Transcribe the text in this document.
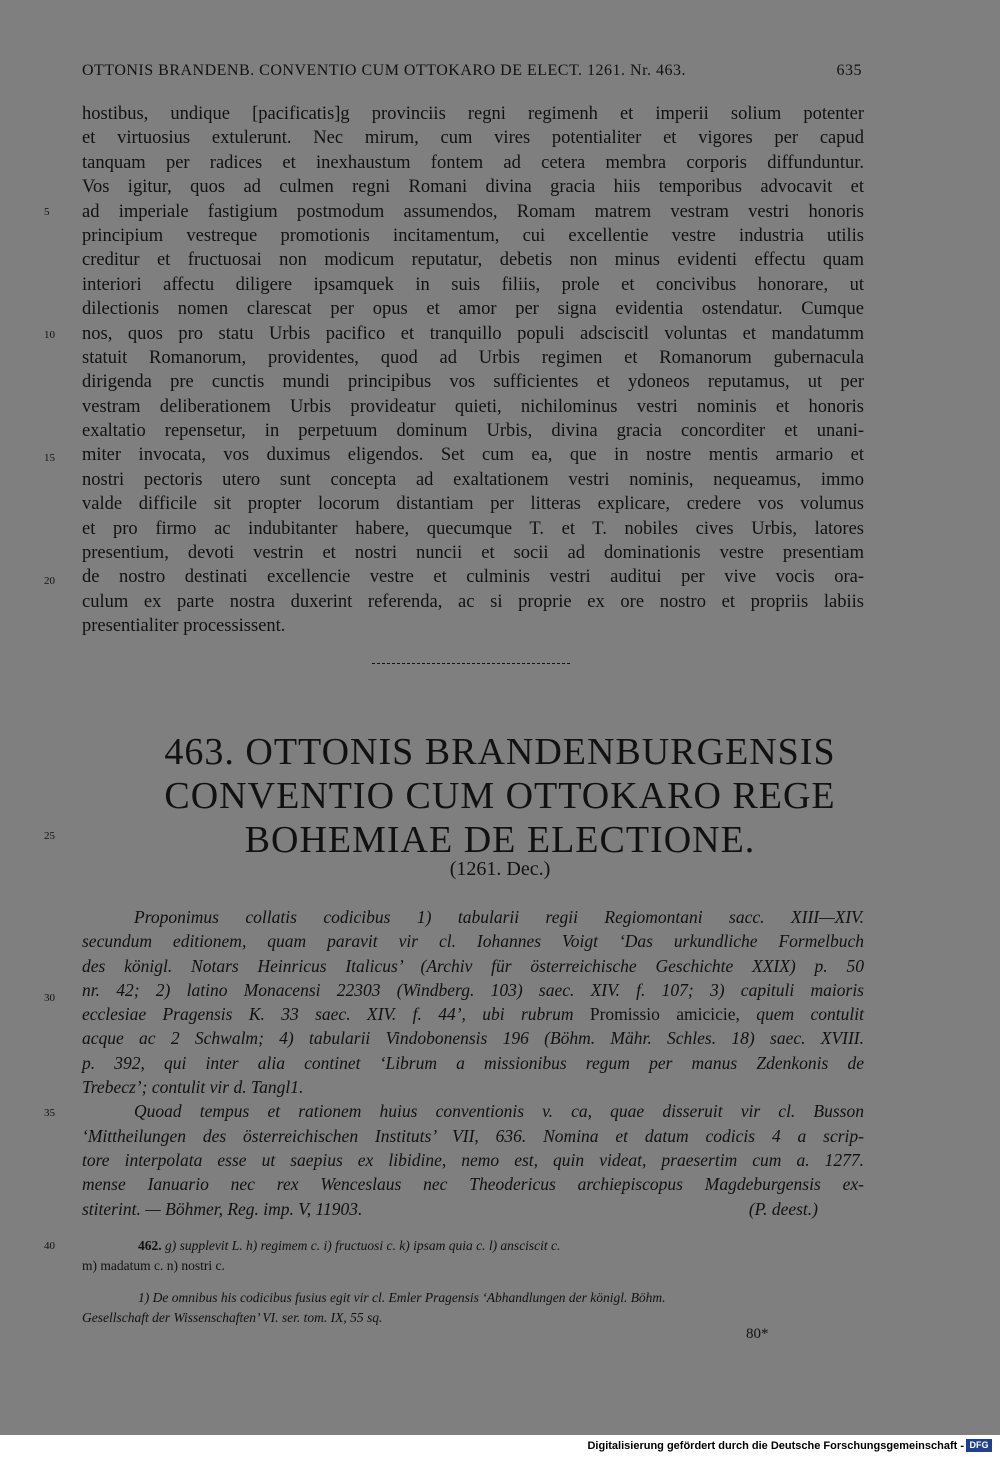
OTTONIS BRANDENB. CONVENTIO CUM OTTOKARO DE ELECT. 1261. Nr. 463.	635
hostibus, undique [pacificatis]g provinciis regni regimenh et imperii solium potenter
et virtuosius extulerunt. Nec mirum, cum vires potentialiter et vigores per capud
tanquam per radices et inexhaustum fontem ad cetera membra corporis diffunduntur.
Vos igitur, quos ad culmen regni Romani divina gracia hiis temporibus advocavit et
ad imperiale fastigium postmodum assumendos, Romam matrem vestram vestri honoris
principium vestreque promotionis incitamentum, cui excellentie vestre industria utilis
creditur et fructuosai non modicum reputatur, debetis non minus evidenti effectu quam
interiori affectu diligere ipsamquek in suis filiis, prole et concivibus honorare, ut
dilectionis nomen clarescat per opus et amor per signa evidentia ostendatur. Cumque
nos, quos pro statu Urbis pacifico et tranquillo populi adsciscitl voluntas et mandatumm
statuit Romanorum, providentes, quod ad Urbis regimen et Romanorum gubernacula
dirigenda pre cunctis mundi principibus vos sufficientes et ydoneos reputamus, ut per
vestram deliberationem Urbis provideatur quieti, nichilominus vestri nominis et honoris
exaltatio repensetur, in perpetuum dominum Urbis, divina gracia concorditer et unani-
miter invocata, vos duximus eligendos. Set cum ea, que in nostre mentis armario et
nostri pectoris utero sunt concepta ad exaltationem vestri nominis, nequeamus, immo
valde difficile sit propter locorum distantiam per litteras explicare, credere vos volumus
et pro firmo ac indubitanter habere, quecumque T. et T. nobiles cives Urbis, latores
presentium, devoti vestrin et nostri nuncii et socii ad dominationis vestre presentiam
de nostro destinati excellencie vestre et culminis vestri auditui per vive vocis ora-
culum ex parte nostra duxerint referenda, ac si proprie ex ore nostro et propriis labiis
presentialiter processissent.
5
10
15
20
463. OTTONIS BRANDENBURGENSIS
CONVENTIO CUM OTTOKARO REGE
BOHEMIAE DE ELECTIONE.
25
(1261. Dec.)
Proponimus collatis codicibus 1) tabularii regii Regiomontani sacc. XIII—XIV.
secundum editionem, quam paravit vir cl. Iohannes Voigt ‘Das urkundliche Formelbuch
des königl. Notars Heinricus Italicus’ (Archiv für österreichische Geschichte XXIX) p. 50
nr. 42; 2) latino Monacensi 22303 (Windberg. 103) saec. XIV. f. 107; 3) capituli maioris
ecclesiae Pragensis K. 33 saec. XIV. f. 44’, ubi rubrum Promissio amicicie, quem contulit
acque ac 2 Schwalm; 4) tabularii Vindobonensis 196 (Böhm. Mähr. Schles. 18) saec. XVIII.
p. 392, qui inter alia continet ‘Librum a missionibus regum per manus Zdenkonis de
Trebecz’; contulit vir d. Tangl1.
Quoad tempus et rationem huius conventionis v. ca, quae disseruit vir cl. Busson
‘Mittheilungen des österreichischen Instituts’ VII, 636. Nomina et datum codicis 4 a scrip-
tore interpolata esse ut saepius ex libidine, nemo est, quin videat, praesertim cum a. 1277.
mense Ianuario nec rex Wenceslaus nec Theodericus archiepiscopus Magdeburgensis ex-
stiterint. — Böhmer, Reg. imp. V, 11903.	(P. deest.)
30
35
462. g) supplevit L. h) regimem c. i) fructuosi c. k) ipsam quia c. l) ansciscit c.
m) madatum c. n) nostri c.
1) De omnibus his codicibus fusius egit vir cl. Emler Pragensis ‘Abhandlungen der königl. Böhm.
Gesellschaft der Wissenschaften’ VI. ser. tom. IX, 55 sq.
40
80*
Digitalisierung gefördert durch die Deutsche Forschungsgemeinschaft - DFG
